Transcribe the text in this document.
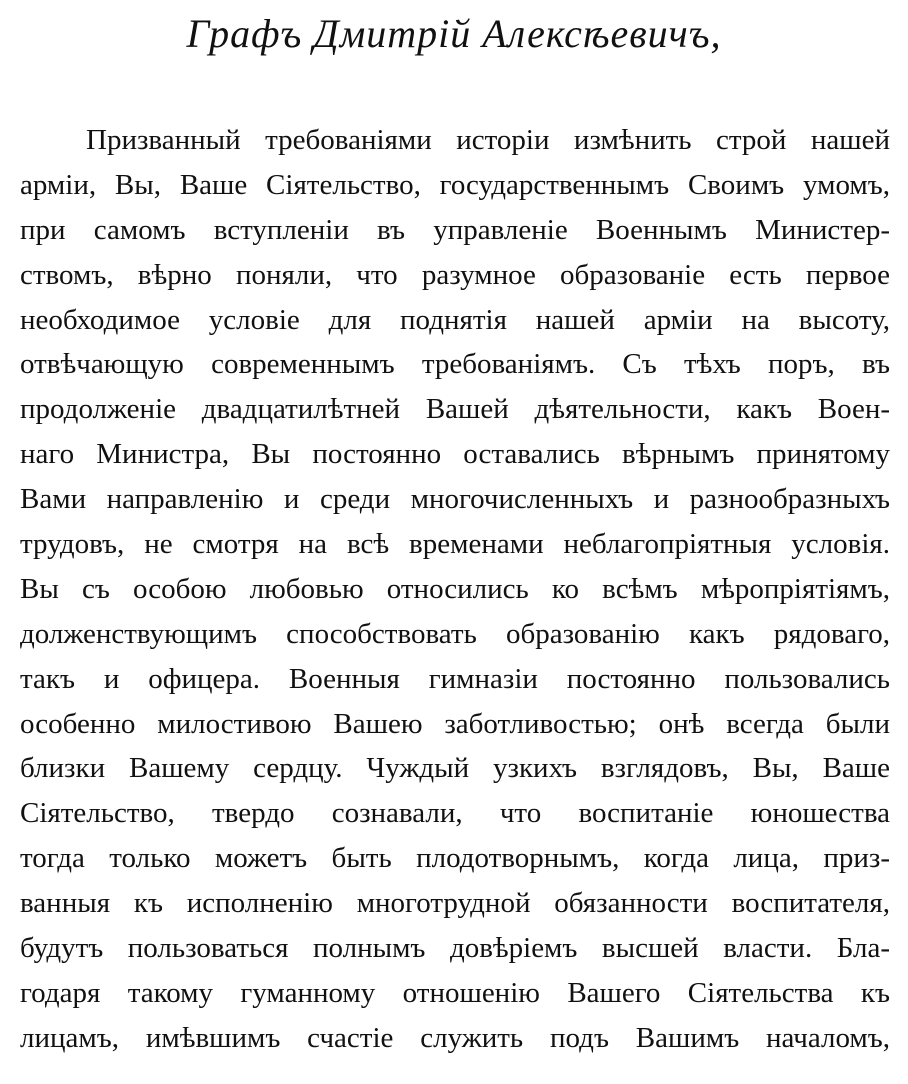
Графъ Дмитрій Алексѣевичъ,
Призванный требованіями исторіи измѣнить строй нашей
арміи, Вы, Ваше Сіятельство, государственнымъ Своимъ умомъ,
при самомъ вступленіи въ управленіе Военнымъ Министер-
ствомъ, вѣрно поняли, что разумное образованіе есть первое
необходимое условіе для поднятія нашей арміи на высоту,
отвѣчающую современнымъ требованіямъ. Съ тѣхъ поръ, въ
продолженіе двадцатилѣтней Вашей дѣятельности, какъ Воен-
наго Министра, Вы постоянно оставались вѣрнымъ принятому
Вами направленію и среди многочисленныхъ и разнообразныхъ
трудовъ, не смотря на всѣ временами неблагопріятныя условія.
Вы съ особою любовью относились ко всѣмъ мѣропріятіямъ,
долженствующимъ способствовать образованію какъ рядоваго,
такъ и офицера. Военныя гимназіи постоянно пользовались
особенно милостивою Вашею заботливостью; онѣ всегда были
близки Вашему сердцу. Чуждый узкихъ взглядовъ, Вы, Ваше
Сіятельство, твердо сознавали, что воспитаніе юношества
тогда только можетъ быть плодотворнымъ, когда лица, приз-
ванныя къ исполненію многотрудной обязанности воспитателя,
будутъ пользоваться полнымъ довѣріемъ высшей власти. Бла-
годаря такому гуманному отношенію Вашего Сіятельства къ
лицамъ, имѣвшимъ счастіе служить подъ Вашимъ началомъ,
